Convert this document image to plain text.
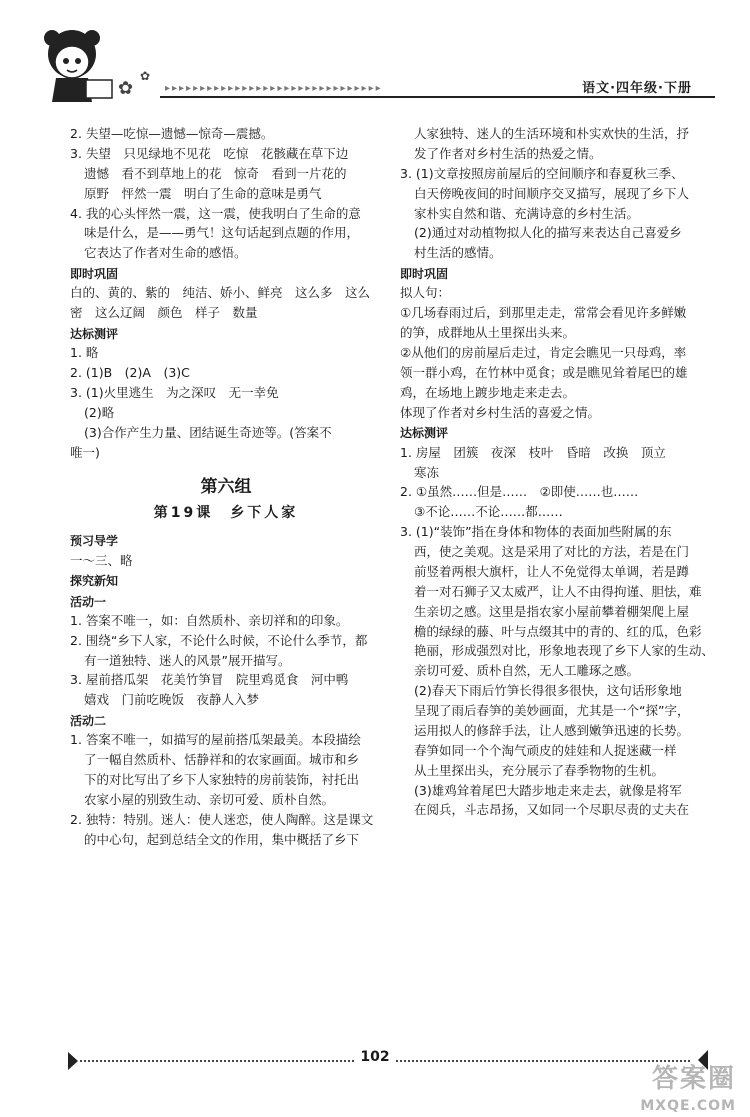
✿
✿
▸▸▸▸▸▸▸▸▸▸▸▸▸▸▸▸▸▸▸▸▸▸▸▸▸▸▸▸▸▸▸	语文·四年级·下册

2. 失望—吃惊—遗憾—惊奇—震撼。

3. 失望　只见绿地不见花　吃惊　花骸藏在草下边

遗憾　看不到草地上的花　惊奇　看到一片花的

原野　怦然一震　明白了生命的意味是勇气

4. 我的心头怦然一震，这一震，使我明白了生命的意

味是什么，是——勇气！这句话起到点题的作用，

它表达了作者对生命的感悟。

即时巩固

白的、黄的、紫的　纯洁、娇小、鲜亮　这么多　这么

密　这么辽阔　颜色　样子　数量

达标测评

1. 略

2. (1)B　(2)A　(3)C

3. (1)火里逃生　为之深叹　无一幸免

(2)略

(3)合作产生力量、团结诞生奇迹等。(答案不

唯一)

第六组

第19课　乡下人家

预习导学

一～三、略

探究新知

活动一

1. 答案不唯一，如：自然质朴、亲切祥和的印象。

2. 围绕“乡下人家，不论什么时候，不论什么季节，都

有一道独特、迷人的风景”展开描写。

3. 屋前搭瓜架　花美竹笋冒　院里鸡觅食　河中鸭

嬉戏　门前吃晚饭　夜静人入梦

活动二

1. 答案不唯一，如描写的屋前搭瓜架最美。本段描绘

了一幅自然质朴、恬静祥和的农家画面。城市和乡

下的对比写出了乡下人家独特的房前装饰，衬托出

农家小屋的别致生动、亲切可爱、质朴自然。

2. 独特：特别。迷人：使人迷恋，使人陶醉。这是课文

的中心句，起到总结全文的作用，集中概括了乡下

人家独特、迷人的生活环境和朴实欢快的生活，抒

发了作者对乡村生活的热爱之情。

3. (1)文章按照房前屋后的空间顺序和春夏秋三季、

白天傍晚夜间的时间顺序交叉描写，展现了乡下人

家朴实自然和谐、充满诗意的乡村生活。

(2)通过对动植物拟人化的描写来表达自己喜爱乡

村生活的感情。

即时巩固

拟人句：

①几场春雨过后，到那里走走，常常会看见许多鲜嫩

的笋，成群地从土里探出头来。

②从他们的房前屋后走过，肯定会瞧见一只母鸡，率

领一群小鸡，在竹林中觅食；或是瞧见耸着尾巴的雄

鸡，在场地上踱步地走来走去。

体现了作者对乡村生活的喜爱之情。

达标测评

1. 房屋　团簇　夜深　枝叶　昏暗　改换　顶立

寒冻

2. ①虽然……但是……　②即使……也……

③不论……不论……都……

3. (1)“装饰”指在身体和物体的表面加些附属的东

西，使之美观。这是采用了对比的方法，若是在门

前竖着两根大旗杆，让人不免觉得太单调，若是蹲

着一对石狮子又太威严，让人不由得拘谨、胆怯，难

生亲切之感。这里是指农家小屋前攀着棚架爬上屋

檐的绿绿的藤、叶与点缀其中的青的、红的瓜，色彩

艳丽，形成强烈对比，形象地表现了乡下人家的生动、

亲切可爱、质朴自然，无人工雕琢之感。

(2)春天下雨后竹笋长得很多很快，这句话形象地

呈现了雨后春笋的美妙画面，尤其是一个“探”字，

运用拟人的修辞手法，让人感到嫩笋迅速的长势。

春笋如同一个个淘气顽皮的娃娃和人捉迷藏一样

从土里探出头，充分展示了春季物物的生机。

(3)雄鸡耸着尾巴大踏步地走来走去，就像是将军

在阅兵，斗志昂扬，又如同一个尽职尽责的丈夫在

102
答案圈
MXQE.COM
